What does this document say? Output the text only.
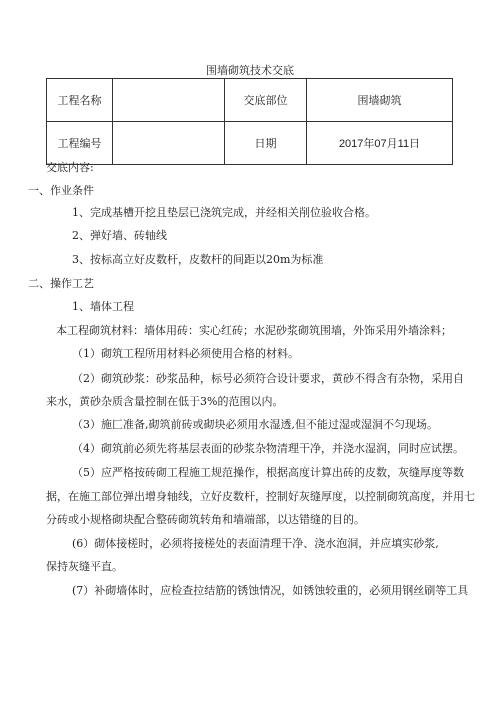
围墙砌筑技术交底
工程名称		交底部位	围墙砌筑
工程编号		日期	2017年07月11日
交底内容:
一、作业条件
1、完成基槽开挖且垫层已浇筑完成，并经相关削位验收合格。
2、弹好墙、砖轴线
3、按标高立好皮数杆，皮数杆的间距以20m为标准
二、操作工艺
1、墙体工程
本工程砌筑材料：墙体用砖：实心红砖；水泥砂浆砌筑围墙，外饰采用外墙涂料；
（1）砌筑工程所用材料必须使用合格的材料。
（2）砌筑砂浆：砂浆品种，标号必须符合设计要求，黄砂不得含有杂物，采用自
来水，黄砂杂质含量控制在低于3%的范围以内。
（3）施匚准备,砌筑前砖或砌块必须用水湿透,但不能过湿或湿洞不匀现场。
（4）砌筑前必须先将基层表面的砂浆杂物清理干净，并浇水湿润，同时应试摆。
（5）应严格按砖砌工程施工规范操作，根据高度计算出砖的皮数，灰缝厚度等数
据，在施工部位弹出增身轴线，立好皮数杆，控制好灰缝厚度，以控制砌筑高度，并用七
分砖或小规格砌块配合整砖砌筑转角和墙端部，以达错缝的目的。
(6）砌体接槎时，必须将接槎处的表面清理干净、浇水泡洞，并应填实砂浆,
保持灰缝平直。
(7）补砌墙体时，应检查拉结筋的锈蚀情况，如锈蚀较重的，必须用钢丝刷等工具
